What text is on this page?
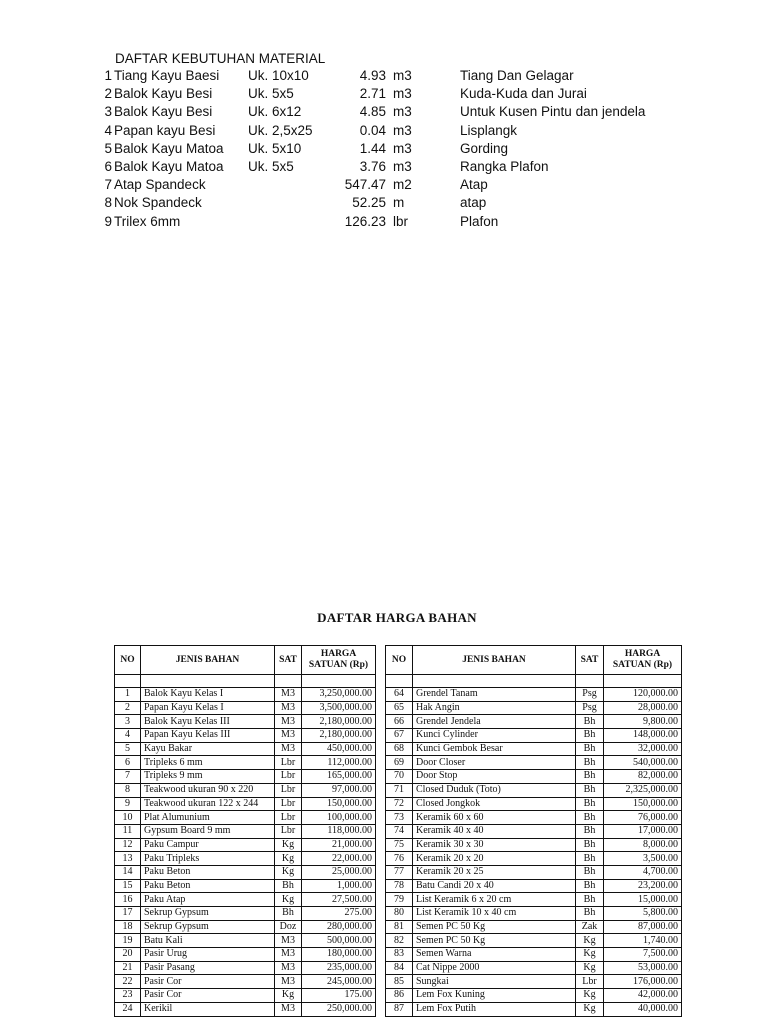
DAFTAR KEBUTUHAN MATERIAL
1 Tiang Kayu Baesi Uk. 10x10	4.93 m3	Tiang Dan Gelagar
2 Balok Kayu Besi	Uk. 5x5	2.71 m3	Kuda-Kuda dan Jurai
3 Balok Kayu Besi	Uk. 6x12	4.85 m3	Untuk Kusen Pintu dan jendela
4 Papan kayu Besi Uk. 2,5x25	0.04 m3	Lisplangk
5 Balok Kayu Matoa Uk. 5x10	1.44 m3	Gording
6 Balok Kayu Matoa Uk. 5x5	3.76 m3	Rangka Plafon
7 Atap Spandeck	547.47 m2	Atap
8 Nok Spandeck	52.25 m	atap
9 Trilex 6mm	126.23 lbr	Plafon
DAFTAR HARGA BAHAN
NO	JENIS BAHAN	SAT	HARGA SATUAN (Rp)

1	Balok Kayu Kelas I	M3	3,250,000.00
2	Papan Kayu Kelas I	M3	3,500,000.00
3	Balok Kayu Kelas III	M3	2,180,000.00
4	Papan Kayu Kelas III	M3	2,180,000.00
5	Kayu Bakar	M3	450,000.00
6	Tripleks 6 mm	Lbr	112,000.00
7	Tripleks 9 mm	Lbr	165,000.00
8	Teakwood ukuran 90 x 220	Lbr	97,000.00
9	Teakwood ukuran 122 x 244	Lbr	150,000.00
10	Plat Alumunium	Lbr	100,000.00
11	Gypsum Board 9 mm	Lbr	118,000.00
12	Paku Campur	Kg	21,000.00
13	Paku Tripleks	Kg	22,000.00
14	Paku Beton	Kg	25,000.00
15	Paku Beton	Bh	1,000.00
16	Paku Atap	Kg	27,500.00
17	Sekrup Gypsum	Bh	275.00
18	Sekrup Gypsum	Doz	280,000.00
19	Batu Kali	M3	500,000.00
20	Pasir Urug	M3	180,000.00
21	Pasir Pasang	M3	235,000.00
22	Pasir Cor	M3	245,000.00
23	Pasir Cor	Kg	175.00
24	Kerikil	M3	250,000.00
NO	JENIS BAHAN	SAT	HARGA SATUAN (Rp)

64	Grendel Tanam	Psg	120,000.00
65	Hak Angin	Psg	28,000.00
66	Grendel Jendela	Bh	9,800.00
67	Kunci Cylinder	Bh	148,000.00
68	Kunci Gembok Besar	Bh	32,000.00
69	Door Closer	Bh	540,000.00
70	Door Stop	Bh	82,000.00
71	Closed Duduk (Toto)	Bh	2,325,000.00
72	Closed Jongkok	Bh	150,000.00
73	Keramik 60 x 60	Bh	76,000.00
74	Keramik 40 x 40	Bh	17,000.00
75	Keramik 30 x 30	Bh	8,000.00
76	Keramik 20 x 20	Bh	3,500.00
77	Keramik 20 x 25	Bh	4,700.00
78	Batu Candi 20 x 40	Bh	23,200.00
79	List Keramik 6 x 20 cm	Bh	15,000.00
80	List Keramik 10 x 40 cm	Bh	5,800.00
81	Semen PC 50 Kg	Zak	87,000.00
82	Semen PC 50 Kg	Kg	1,740.00
83	Semen Warna	Kg	7,500.00
84	Cat Nippe 2000	Kg	53,000.00
85	Sungkai	Lbr	176,000.00
86	Lem Fox Kuning	Kg	42,000.00
87	Lem Fox Putih	Kg	40,000.00
